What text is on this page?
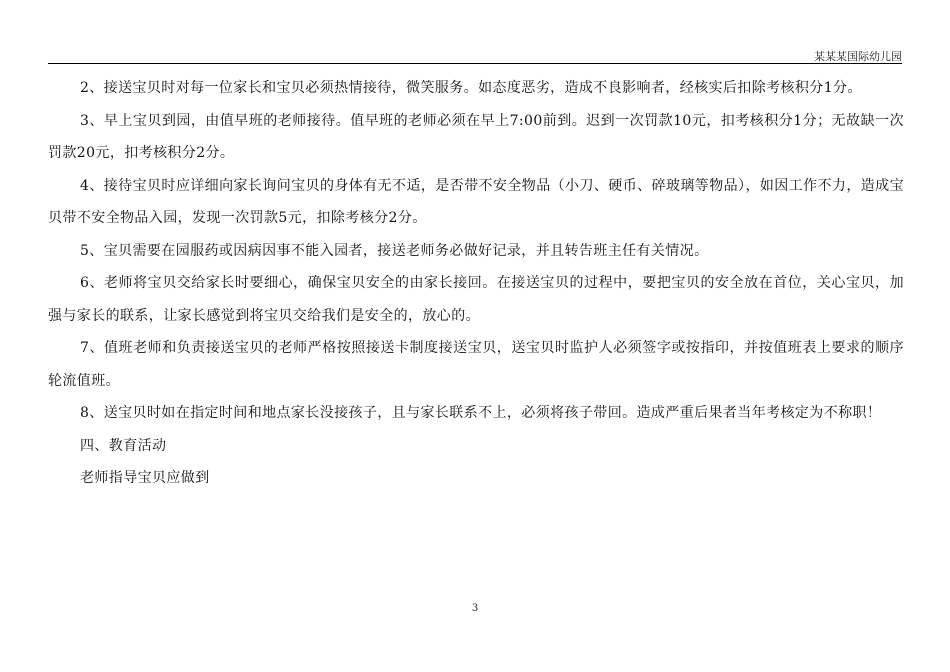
某某某国际幼儿园

2、接送宝贝时对每一位家长和宝贝必须热情接待，微笑服务。如态度恶劣，造成不良影响者，经核实后扣除考核积分1分。

3、早上宝贝到园，由值早班的老师接待。值早班的老师必须在早上7:00前到。迟到一次罚款10元，扣考核积分1分；无故缺一次罚款20元，扣考核积分2分。

4、接待宝贝时应详细向家长询问宝贝的身体有无不适，是否带不安全物品（小刀、硬币、碎玻璃等物品），如因工作不力，造成宝贝带不安全物品入园，发现一次罚款5元，扣除考核分2分。

5、宝贝需要在园服药或因病因事不能入园者，接送老师务必做好记录，并且转告班主任有关情况。

6、老师将宝贝交给家长时要细心，确保宝贝安全的由家长接回。在接送宝贝的过程中，要把宝贝的安全放在首位，关心宝贝，加强与家长的联系，让家长感觉到将宝贝交给我们是安全的，放心的。

7、值班老师和负责接送宝贝的老师严格按照接送卡制度接送宝贝，送宝贝时监护人必须签字或按指印，并按值班表上要求的顺序轮流值班。

8、送宝贝时如在指定时间和地点家长没接孩子，且与家长联系不上，必须将孩子带回。造成严重后果者当年考核定为不称职！

四、教育活动

老师指导宝贝应做到

3
